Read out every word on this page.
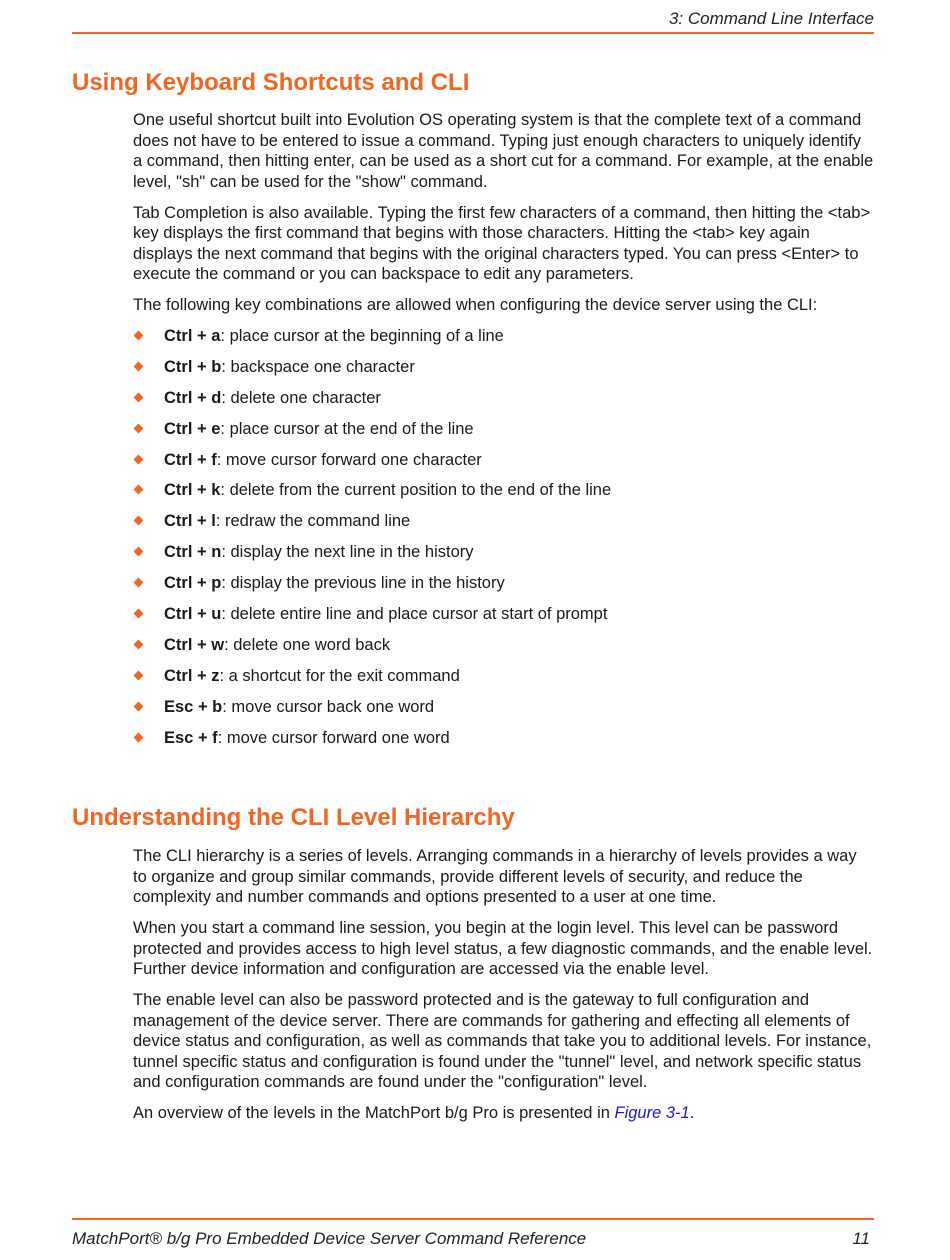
3: Command Line Interface
Using Keyboard Shortcuts and CLI

One useful shortcut built into Evolution OS operating system is that the complete text of a command does not have to be entered to issue a command. Typing just enough characters to uniquely identify a command, then hitting enter, can be used as a short cut for a command. For example, at the enable level, "sh" can be used for the "show" command.

Tab Completion is also available. Typing the first few characters of a command, then hitting the <tab> key displays the first command that begins with those characters. Hitting the <tab> key again displays the next command that begins with the original characters typed. You can press <Enter> to execute the command or you can backspace to edit any parameters.

The following key combinations are allowed when configuring the device server using the CLI:

Ctrl + a: place cursor at the beginning of a line
Ctrl + b: backspace one character
Ctrl + d: delete one character
Ctrl + e: place cursor at the end of the line
Ctrl + f: move cursor forward one character
Ctrl + k: delete from the current position to the end of the line
Ctrl + l: redraw the command line
Ctrl + n: display the next line in the history
Ctrl + p: display the previous line in the history
Ctrl + u: delete entire line and place cursor at start of prompt
Ctrl + w: delete one word back
Ctrl + z: a shortcut for the exit command
Esc + b: move cursor back one word
Esc + f: move cursor forward one word
Understanding the CLI Level Hierarchy

The CLI hierarchy is a series of levels. Arranging commands in a hierarchy of levels provides a way to organize and group similar commands, provide different levels of security, and reduce the complexity and number commands and options presented to a user at one time.

When you start a command line session, you begin at the login level. This level can be password protected and provides access to high level status, a few diagnostic commands, and the enable level. Further device information and configuration are accessed via the enable level.

The enable level can also be password protected and is the gateway to full configuration and management of the device server. There are commands for gathering and effecting all elements of device status and configuration, as well as commands that take you to additional levels. For instance, tunnel specific status and configuration is found under the "tunnel" level, and network specific status and configuration commands are found under the "configuration" level.

An overview of the levels in the MatchPort b/g Pro is presented in Figure 3-1.

MatchPort® b/g Pro Embedded Device Server Command Reference	11
